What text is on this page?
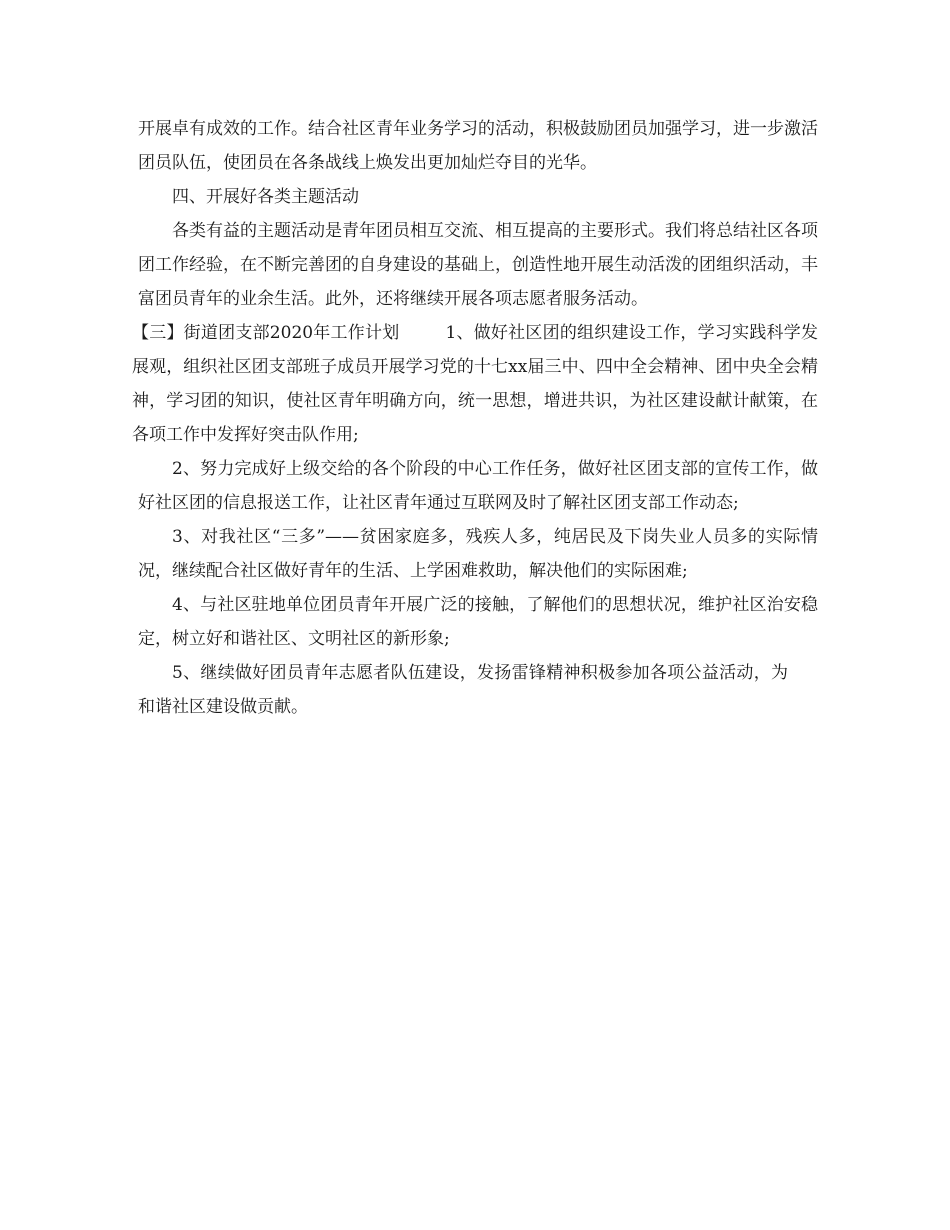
开展卓有成效的工作。结合社区青年业务学习的活动，积极鼓励团员加强学习，进一步激活团员队伍，使团员在各条战线上焕发出更加灿烂夺目的光华。

四、开展好各类主题活动

各类有益的主题活动是青年团员相互交流、相互提高的主要形式。我们将总结社区各项团工作经验，在不断完善团的自身建设的基础上，创造性地开展生动活泼的团组织活动，丰富团员青年的业余生活。此外，还将继续开展各项志愿者服务活动。

【三】街道团支部2020年工作计划	1、做好社区团的组织建设工作，学习实践科学发展观，组织社区团支部班子成员开展学习党的十七xx届三中、四中全会精神、团中央全会精神，学习团的知识，使社区青年明确方向，统一思想，增进共识，为社区建设献计献策，在各项工作中发挥好突击队作用;

2、努力完成好上级交给的各个阶段的中心工作任务，做好社区团支部的宣传工作，做好社区团的信息报送工作，让社区青年通过互联网及时了解社区团支部工作动态;

3、对我社区“三多”——贫困家庭多，残疾人多，纯居民及下岗失业人员多的实际情况，继续配合社区做好青年的生活、上学困难救助，解决他们的实际困难;

4、与社区驻地单位团员青年开展广泛的接触，了解他们的思想状况，维护社区治安稳定，树立好和谐社区、文明社区的新形象;

5、继续做好团员青年志愿者队伍建设，发扬雷锋精神积极参加各项公益活动，为和谐社区建设做贡献。
